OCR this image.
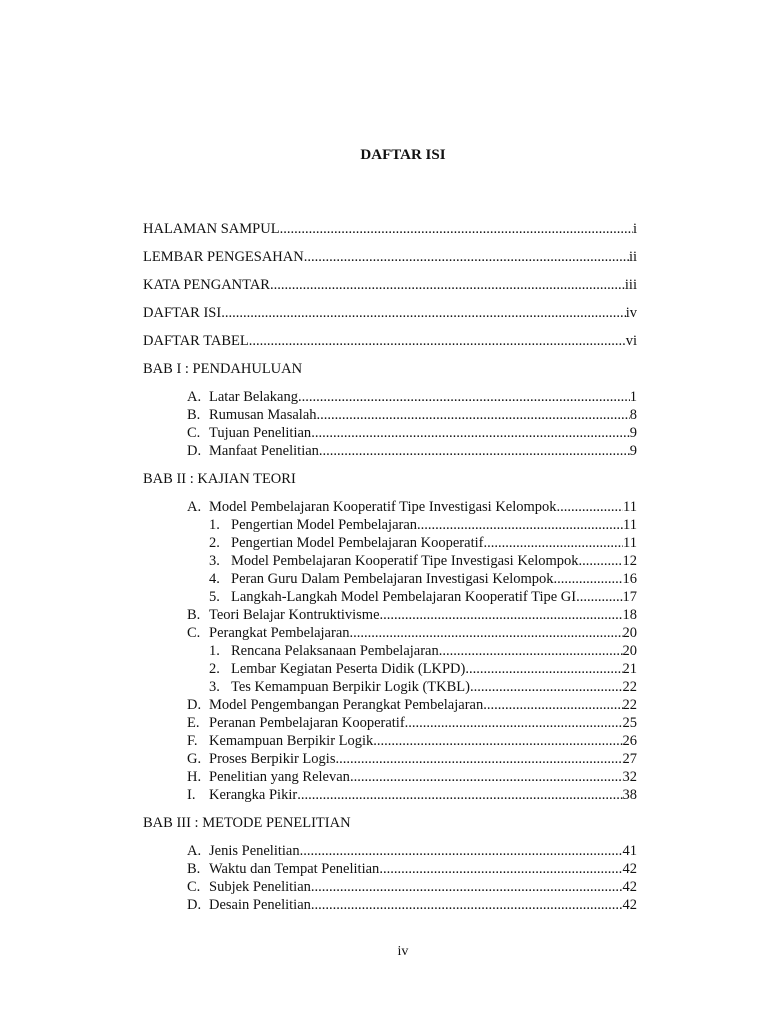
DAFTAR ISI
HALAMAN SAMPUL .....	i
LEMBAR PENGESAHAN .....	ii
KATA PENGANTAR .....	iii
DAFTAR ISI .....	iv
DAFTAR TABEL .....	vi
BAB I : PENDAHULUAN
A. Latar Belakang .....	1
B. Rumusan Masalah .....	8
C. Tujuan Penelitian .....	9
D. Manfaat Penelitian .....	9
BAB II : KAJIAN TEORI
A. Model Pembelajaran Kooperatif Tipe Investigasi Kelompok .....	11
1. Pengertian Model Pembelajaran .....	11
2. Pengertian Model Pembelajaran Kooperatif .....	11
3. Model Pembelajaran Kooperatif Tipe Investigasi Kelompok .....	12
4. Peran Guru Dalam Pembelajaran Investigasi Kelompok .....	16
5. Langkah-Langkah Model Pembelajaran Kooperatif Tipe GI .....	17
B. Teori Belajar Kontruktivisme .....	18
C. Perangkat Pembelajaran .....	20
1. Rencana Pelaksanaan Pembelajaran .....	20
2. Lembar Kegiatan Peserta Didik (LKPD) .....	21
3. Tes Kemampuan Berpikir Logik (TKBL) .....	22
D. Model Pengembangan Perangkat Pembelajaran .....	22
E. Peranan Pembelajaran Kooperatif .....	25
F. Kemampuan Berpikir Logik .....	26
G. Proses Berpikir Logis .....	27
H. Penelitian yang Relevan .....	32
I. Kerangka Pikir .....	38
BAB III : METODE PENELITIAN
A. Jenis Penelitian .....	41
B. Waktu dan Tempat Penelitian .....	42
C. Subjek Penelitian .....	42
D. Desain Penelitian .....	42
iv
